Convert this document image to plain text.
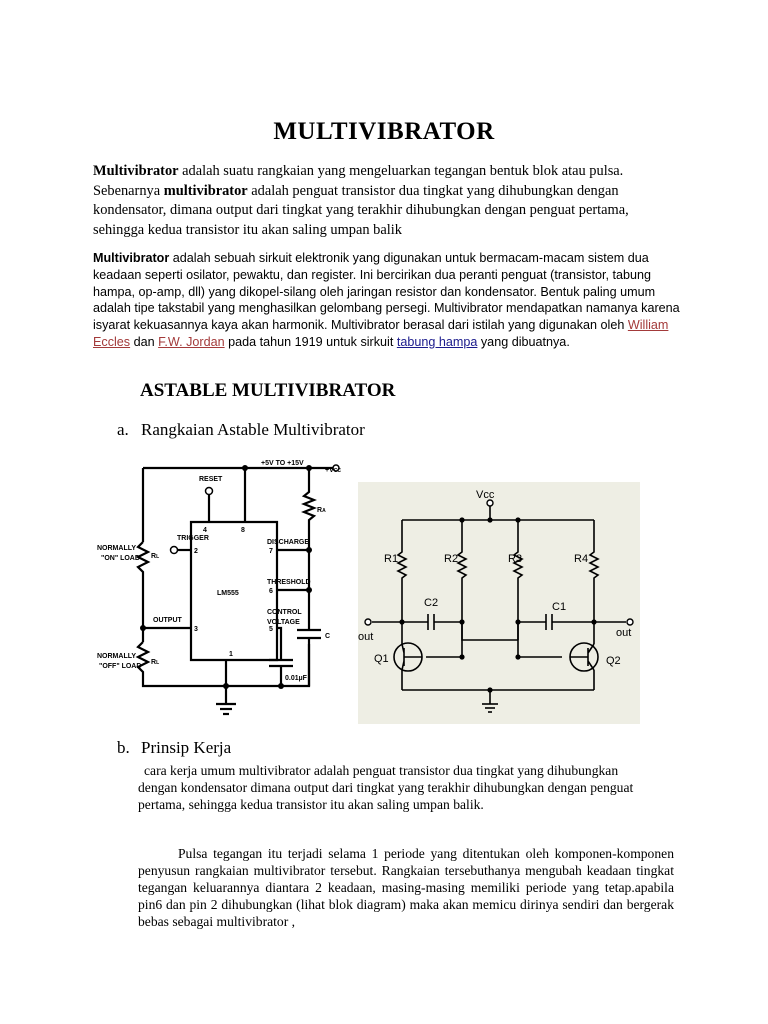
MULTIVIBRATOR
Multivibrator adalah suatu rangkaian yang mengeluarkan tegangan bentuk blok atau pulsa. Sebenarnya multivibrator adalah penguat transistor dua tingkat yang dihubungkan dengan kondensator, dimana output dari tingkat yang terakhir dihubungkan dengan penguat pertama, sehingga kedua transistor itu akan saling umpan balik
Multivibrator adalah sebuah sirkuit elektronik yang digunakan untuk bermacam-macam sistem dua keadaan seperti osilator, pewaktu, dan register. Ini bercirikan dua peranti penguat (transistor, tabung hampa, op-amp, dll) yang dikopel-silang oleh jaringan resistor dan kondensator. Bentuk paling umum adalah tipe takstabil yang menghasilkan gelombang persegi. Multivibrator mendapatkan namanya karena isyarat kekuasannya kaya akan harmonik. Multivibrator berasal dari istilah yang digunakan oleh William Eccles dan F.W. Jordan pada tahun 1919 untuk sirkuit tabung hampa yang dibuatnya.
ASTABLE MULTIVIBRATOR
a. Rangkaian Astable Multivibrator
+5V TO +15V
+VCC
RESET
TRIGGER
OUTPUT
DISCHARGE
THRESHOLD
CONTROL
VOLTAGE
LM555
RA
C
0.01µF
NORMALLY
"ON" LOAD
NORMALLY
"OFF" LOAD
RL
RL
4	8
2	7
6
3	5
1
Vcc
R1	R2	R3	R4
C2	C1
out	out
Q1	Q2
b. Prinsip Kerja
cara kerja umum multivibrator adalah penguat transistor dua tingkat yang dihubungkan dengan kondensator dimana output dari tingkat yang terakhir dihubungkan dengan penguat pertama, sehingga kedua transistor itu akan saling umpan balik.
Pulsa tegangan itu terjadi selama 1 periode yang ditentukan oleh komponen-komponen penyusun rangkaian multivibrator tersebut. Rangkaian tersebuthanya mengubah keadaan tingkat tegangan keluarannya diantara 2 keadaan, masing-masing memiliki periode yang tetap.apabila pin6 dan pin 2 dihubungkan (lihat blok diagram) maka akan memicu dirinya sendiri dan bergerak bebas sebagai multivibrator ,
